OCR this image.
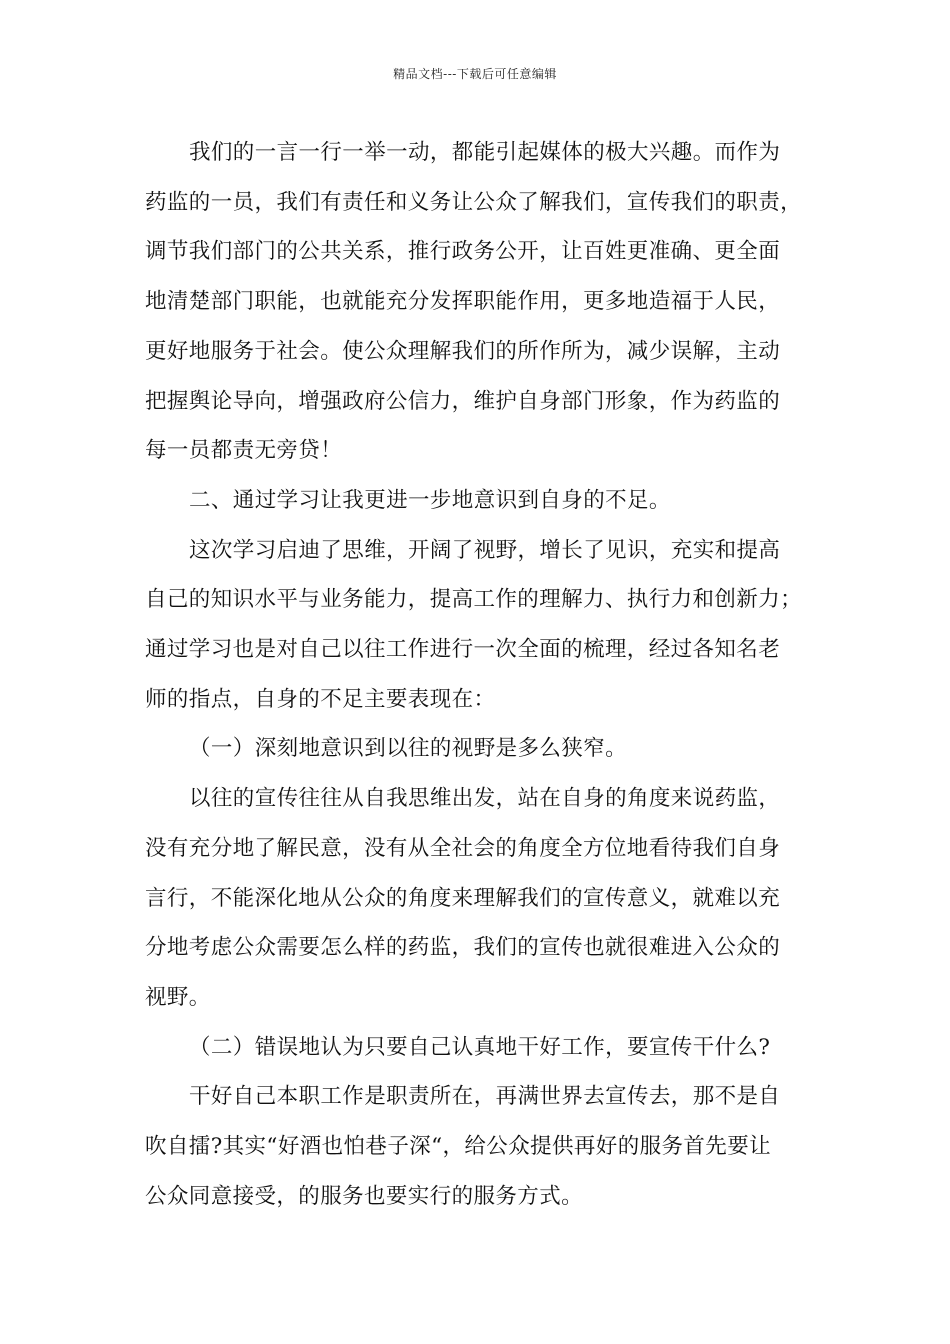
精品文档---下载后可任意编辑

我们的一言一行一举一动，都能引起媒体的极大兴趣。而作为
药监的一员，我们有责任和义务让公众了解我们，宣传我们的职责，
调节我们部门的公共关系，推行政务公开，让百姓更准确、更全面
地清楚部门职能，也就能充分发挥职能作用，更多地造福于人民，
更好地服务于社会。使公众理解我们的所作所为，减少误解，主动
把握舆论导向，增强政府公信力，维护自身部门形象，作为药监的
每一员都责无旁贷！

二、通过学习让我更进一步地意识到自身的不足。

这次学习启迪了思维，开阔了视野，增长了见识，充实和提高
自己的知识水平与业务能力，提高工作的理解力、执行力和创新力；
通过学习也是对自己以往工作进行一次全面的梳理，经过各知名老
师的指点，自身的不足主要表现在：

（一）深刻地意识到以往的视野是多么狭窄。

以往的宣传往往从自我思维出发，站在自身的角度来说药监，
没有充分地了解民意，没有从全社会的角度全方位地看待我们自身
言行，不能深化地从公众的角度来理解我们的宣传意义，就难以充
分地考虑公众需要怎么样的药监，我们的宣传也就很难进入公众的
视野。

（二）错误地认为只要自己认真地干好工作，要宣传干什么?

干好自己本职工作是职责所在，再满世界去宣传去，那不是自
吹自擂?其实“好酒也怕巷子深“，给公众提供再好的服务首先要让
公众同意接受，的服务也要实行的服务方式。
